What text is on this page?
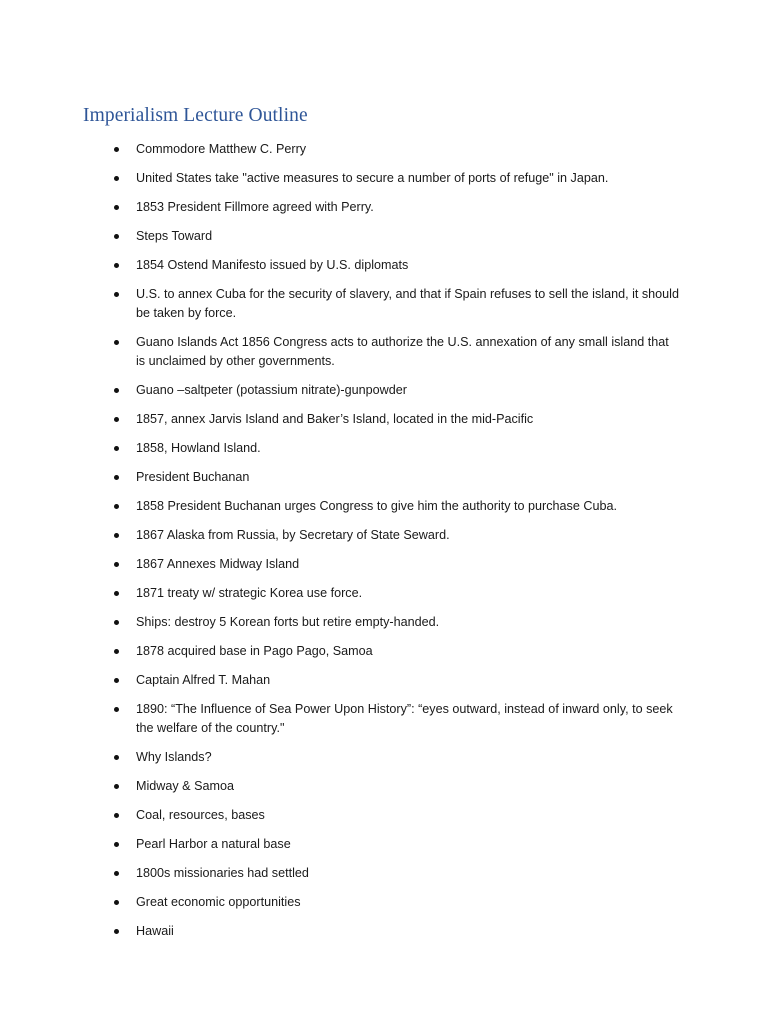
Imperialism Lecture Outline
Commodore Matthew C. Perry
United States take "active measures to secure a number of ports of refuge" in Japan.
1853 President Fillmore agreed with Perry.
Steps Toward
1854 Ostend Manifesto issued by U.S. diplomats
U.S. to annex Cuba for the security of slavery, and that if Spain refuses to sell the island, it should be taken by force.
Guano Islands Act 1856 Congress acts to authorize the U.S. annexation of any small island that is unclaimed by other governments.
Guano –saltpeter (potassium nitrate)-gunpowder
1857, annex Jarvis Island and Baker’s Island, located in the mid-Pacific
1858, Howland Island.
President Buchanan
1858 President Buchanan urges Congress to give him the authority to purchase Cuba.
1867 Alaska from Russia, by Secretary of State Seward.
1867 Annexes Midway Island
1871 treaty w/ strategic Korea use force.
Ships: destroy 5 Korean forts but retire empty-handed.
1878 acquired base in Pago Pago, Samoa
Captain Alfred T. Mahan
1890: “The Influence of Sea Power Upon History”: “eyes outward, instead of inward only, to seek the welfare of the country."
Why Islands?
Midway & Samoa
Coal, resources, bases
Pearl Harbor a natural base
1800s missionaries had settled
Great economic opportunities
Hawaii
